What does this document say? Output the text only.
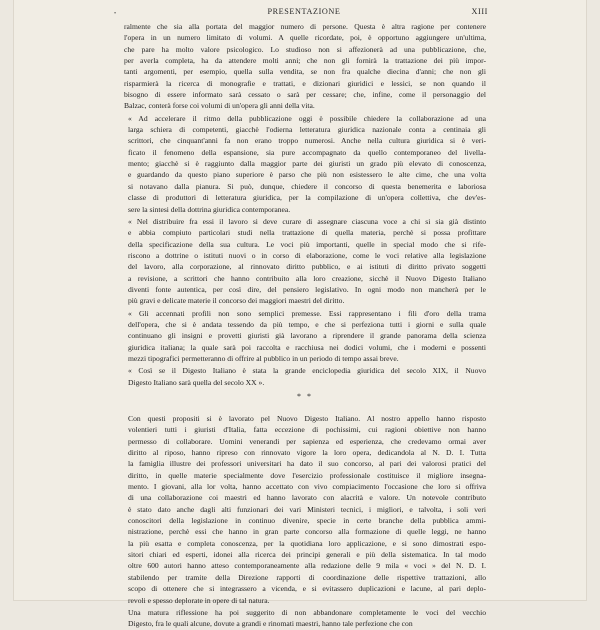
•	PRESENTAZIONE	XIII

ralmente che sia alla portata del maggior numero di persone. Questa è altra ragione per contenere
l'opera in un numero limitato di volumi. A quelle ricordate, poi, è opportuno aggiungere un'ultima,
che pare ha molto valore psicologico. Lo studioso non si affezionerà ad una pubblicazione, che,
per averla completa, ha da attendere molti anni; che non gli fornirà la trattazione dei più impor-
tanti argomenti, per esempio, quella sulla vendita, se non fra qualche diecina d'anni; che non gli
risparmierà la ricerca di monografie e trattati, e dizionari giuridici e lessici, se non quando il
bisogno di essere informato sarà cessato o sarà per cessare; che, infine, come il personaggio del
Balzac, conterà forse coi volumi di un'opera gli anni della vita.

« Ad accelerare il ritmo della pubblicazione oggi è possibile chiedere la collaborazione ad una
larga schiera di competenti, giacchè l'odierna letteratura giuridica nazionale conta a centinaia gli
scrittori, che cinquant'anni fa non erano troppo numerosi. Anche nella cultura giuridica si è veri-
ficato il fenomeno della espansione, sia pure accompagnato da quello contemporaneo del livella-
mento; giacchè si è raggiunto dalla maggior parte dei giuristi un grado più elevato di conoscenza,
e guardando da questo piano superiore è parso che più non esistessero le alte cime, che una volta
si notavano dalla pianura. Si può, dunque, chiedere il concorso di questa benemerita e laboriosa
classe di produttori di letteratura giuridica, per la compilazione di un'opera collettiva, che dev'es-
sere la sintesi della dottrina giuridica contemporanea.

« Nel distribuire fra essi il lavoro si deve curare di assegnare ciascuna voce a chi si sia già distinto
e abbia compiuto particolari studi nella trattazione di quella materia, perchè si possa profittare
della specificazione della sua cultura. Le voci più importanti, quelle in special modo che si rife-
riscono a dottrine o istituti nuovi o in corso di elaborazione, come le voci relative alla legislazione
del lavoro, alla corporazione, al rinnovato diritto pubblico, e ai istituti di diritto privato soggetti
a revisione, a scrittori che hanno contribuito alla loro creazione, sicchè il Nuovo Digesto Italiano
diventi fonte autentica, per così dire, del pensiero legislativo. In ogni modo non mancherà per le
più gravi e delicate materie il concorso dei maggiori maestri del diritto.

« Gli accennati profili non sono semplici premesse. Essi rappresentano i fili d'oro della trama
dell'opera, che si è andata tessendo da più tempo, e che si perfeziona tutti i giorni e sulla quale
continuano gli insigni e provetti giuristi già lavorano a riprendere il grande panorama della scienza
giuridica italiana; la quale sarà poi raccolta e racchiusa nei dodici volumi, che i moderni e possenti
mezzi tipografici permetteranno di offrire al pubblico in un periodo di tempo assai breve.

« Così se il Digesto Italiano è stata la grande enciclopedia giuridica del secolo XIX, il Nuovo
Digesto Italiano sarà quella del secolo XX ».

* *

Con questi propositi si è lavorato pel Nuovo Digesto Italiano. Al nostro appello hanno risposto
volentieri tutti i giuristi d'Italia, fatta eccezione di pochissimi, cui ragioni obiettive non hanno
permesso di collaborare. Uomini venerandi per sapienza ed esperienza, che credevamo ormai aver
diritto al riposo, hanno ripreso con rinnovato vigore la loro opera, dedicandola al N. D. I. Tutta
la famiglia illustre dei professori universitari ha dato il suo concorso, al pari dei valorosi pratici del
diritto, in quelle materie specialmente dove l'esercizio professionale costituisce il migliore insegna-
mento. I giovani, alla lor volta, hanno accettato con vivo compiacimento l'occasione che loro si offriva
di una collaborazione coi maestri ed hanno lavorato con alacrità e valore. Un notevole contributo
è stato dato anche dagli alti funzionari dei vari Ministeri tecnici, i migliori, e talvolta, i soli veri
conoscitori della legislazione in continuo divenire, specie in certe branche della pubblica ammi-
nistrazione, perchè essi che hanno in gran parte concorso alla formazione di quelle leggi, ne hanno
la più esatta e completa conoscenza, per la quotidiana loro applicazione, e si sono dimostrati espo-
sitori chiari ed esperti, idonei alla ricerca dei principi generali e più della sistematica. In tal modo
oltre 600 autori hanno atteso contemporaneamente alla redazione delle 9 mila « voci » del N. D. I.
stabilendo per tramite della Direzione rapporti di coordinazione delle rispettive trattazioni, allo
scopo di ottenere che si integrassero a vicenda, e si evitassero duplicazioni e lacune, al pari deplo-
revoli e spesso deplorate in opere di tal natura.

Una matura riflessione ha poi suggerito di non abbandonare completamente le voci del vecchio
Digesto, fra le quali alcune, dovute a grandi e rinomati maestri, hanno tale perfezione che con
